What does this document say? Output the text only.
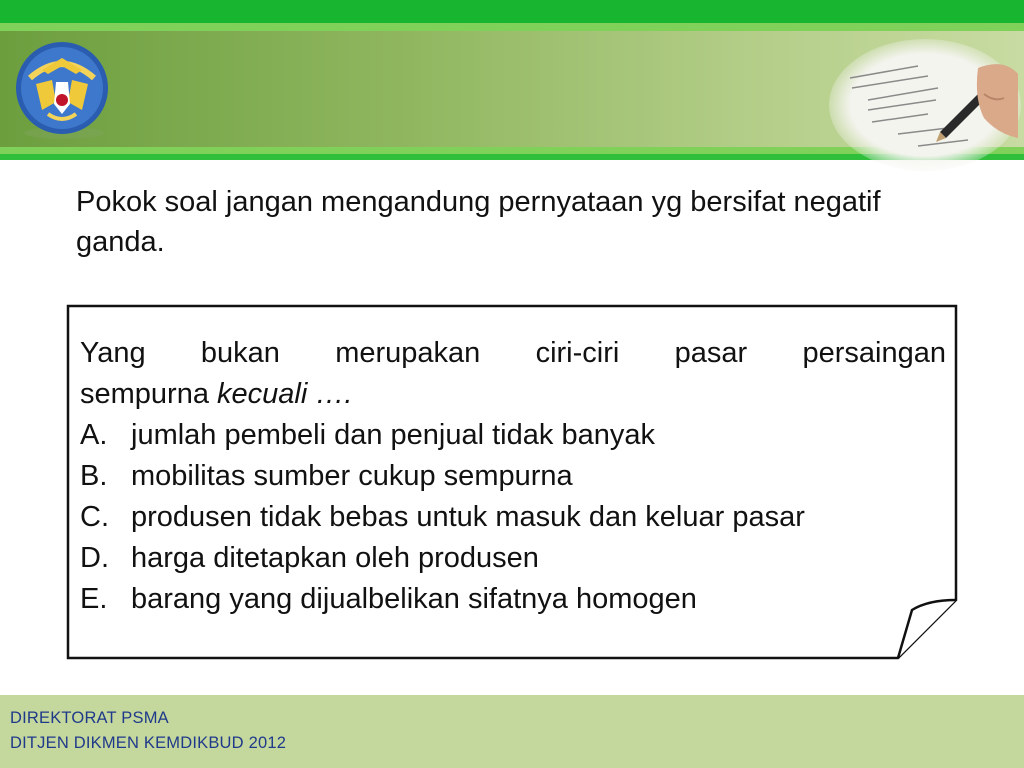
Pokok soal jangan mengandung pernyataan yg bersifat negatif ganda.
Yang bukan merupakan ciri-ciri pasar persaingan
sempurna kecuali ….
A. jumlah pembeli dan penjual tidak banyak
B. mobilitas sumber cukup sempurna
C. produsen tidak bebas untuk masuk dan keluar pasar
D. harga ditetapkan oleh produsen
E. barang yang dijualbelikan sifatnya homogen
DIREKTORAT PSMA
DITJEN DIKMEN KEMDIKBUD 2012
